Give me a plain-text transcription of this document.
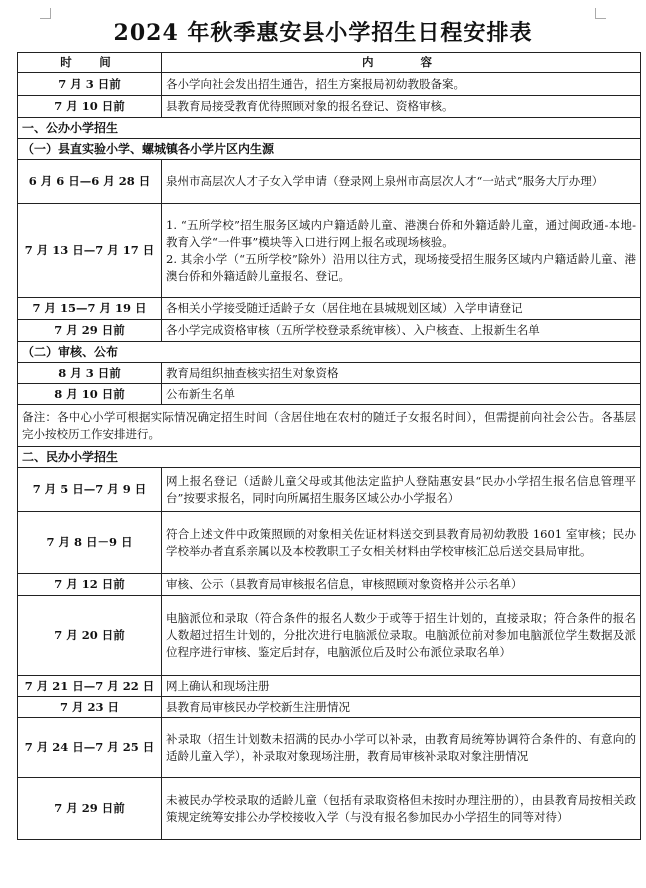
2024 年秋季惠安县小学招生日程安排表
时　间	内　　容
7 月 3 日前	各小学向社会发出招生通告，招生方案报局初幼教股备案。
7 月 10 日前	县教育局接受教育优待照顾对象的报名登记、资格审核。
一、公办小学招生	
（一）县直实验小学、螺城镇各小学片区内生源	
6 月 6 日—6 月 28 日	泉州市高层次人才子女入学申请（登录网上泉州市高层次人才“一站式”服务大厅办理）
7 月 13 日—7 月 17 日	1. “五所学校”招生服务区域内户籍适龄儿童、港澳台侨和外籍适龄儿童，通过闽政通-本地-教育入学“一件事”模块等入口进行网上报名或现场核验。
2. 其余小学（“五所学校”除外）沿用以往方式，现场接受招生服务区域内户籍适龄儿童、港澳台侨和外籍适龄儿童报名、登记。

7 月 15—7 月 19 日	各相关小学接受随迁适龄子女（居住地在县城规划区域）入学申请登记
7 月 29 日前	各小学完成资格审核（五所学校登录系统审核）、入户核查、上报新生名单
（二）审核、公布	
8 月 3 日前	教育局组织抽查核实招生对象资格
8 月 10 日前	公布新生名单
备注：各中心小学可根据实际情况确定招生时间（含居住地在农村的随迁子女报名时间），但需提前向社会公告。各基层完小按校历工作安排进行。	
二、民办小学招生	
7 月 5 日—7 月 9 日	网上报名登记（适龄儿童父母或其他法定监护人登陆惠安县“民办小学招生报名信息管理平台”按要求报名，同时向所属招生服务区域公办小学报名）
7 月 8 日－9 日	符合上述文件中政策照顾的对象相关佐证材料送交到县教育局初幼教股 1601 室审核；民办学校举办者直系亲属以及本校教职工子女相关材料由学校审核汇总后送交县局审批。
7 月 12 日前	审核、公示（县教育局审核报名信息，审核照顾对象资格并公示名单）
7 月 20 日前	电脑派位和录取（符合条件的报名人数少于或等于招生计划的，直接录取；符合条件的报名人数超过招生计划的，分批次进行电脑派位录取。电脑派位前对参加电脑派位学生数据及派位程序进行审核、鉴定后封存，电脑派位后及时公布派位录取名单）
7 月 21 日—7 月 22 日	网上确认和现场注册
7 月 23 日	县教育局审核民办学校新生注册情况
7 月 24 日—7 月 25 日	补录取（招生计划数未招满的民办小学可以补录，由教育局统筹协调符合条件的、有意向的适龄儿童入学），补录取对象现场注册，教育局审核补录取对象注册情况
7 月 29 日前	未被民办学校录取的适龄儿童（包括有录取资格但未按时办理注册的），由县教育局按相关政策规定统筹安排公办学校接收入学（与没有报名参加民办小学招生的同等对待）
